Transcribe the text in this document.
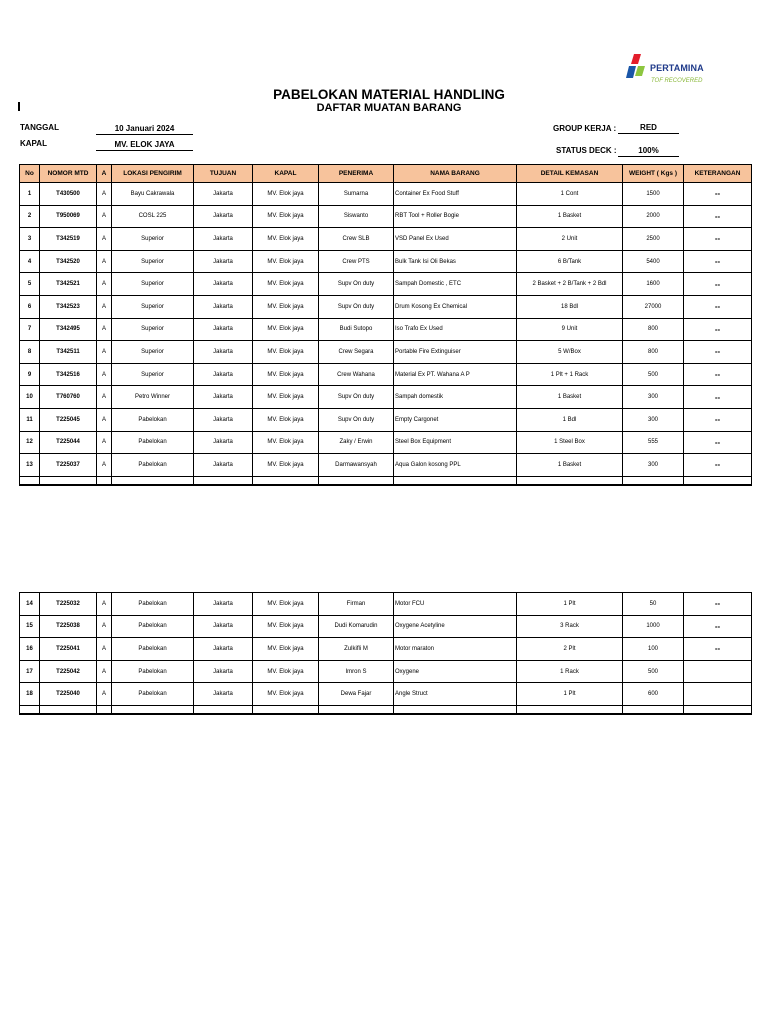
PERTAMINA
TOF RECOVERED
PABELOKAN MATERIAL HANDLING
DAFTAR MUATAN BARANG
TANGGAL	10 Januari 2024
KAPAL	MV. ELOK JAYA
GROUP KERJA :	RED
STATUS DECK :	100%
No	NOMOR MTD	A	LOKASI PENGIRIM	TUJUAN	KAPAL	PENERIMA	NAMA BARANG	DETAIL KEMASAN	WEIGHT ( Kgs )	KETERANGAN
1	T430500	A	Bayu Cakrawala	Jakarta	MV. Elok jaya	Sumarna	Container Ex Food Stuff	1 Cont	1500	--
2	T950069	A	COSL 225	Jakarta	MV. Elok jaya	Siswanto	RBT Tool + Roller Bogie	1 Basket	2000	--
3	T342519	A	Superior	Jakarta	MV. Elok jaya	Crew SLB	VSD Panel Ex Used	2 Unit	2500	--
4	T342520	A	Superior	Jakarta	MV. Elok jaya	Crew PTS	Bulk Tank Isi Oli Bekas	6 B/Tank	5400	--
5	T342521	A	Superior	Jakarta	MV. Elok jaya	Supv On duty	Sampah Domestic , ETC	2 Basket + 2 B/Tank + 2 Bdl	1600	--
6	T342523	A	Superior	Jakarta	MV. Elok jaya	Supv On duty	Drum Kosong Ex Chemical	18 Bdl	27000	--
7	T342495	A	Superior	Jakarta	MV. Elok jaya	Budi Sutopo	Iso Trafo Ex Used	9 Unit	800	--
8	T342511	A	Superior	Jakarta	MV. Elok jaya	Crew Segara	Portable Fire Extinguiser	5 W/Box	800	--
9	T342516	A	Superior	Jakarta	MV. Elok jaya	Crew Wahana	Material Ex PT. Wahana A P	1 Plt + 1 Rack	500	--
10	T760760	A	Petro Winner	Jakarta	MV. Elok jaya	Supv On duty	Sampah domestik	1 Basket	300	--
11	T225045	A	Pabelokan	Jakarta	MV. Elok jaya	Supv On duty	Empty Cargonet	1 Bdl	300	--
12	T225044	A	Pabelokan	Jakarta	MV. Elok jaya	Zaky / Erwin	Steel Box Equipment	1 Steel Box	555	--
13	T225037	A	Pabelokan	Jakarta	MV. Elok jaya	Darmawansyah	Aqua Galon kosong PPL	1 Basket	300	--

14	T225032	A	Pabelokan	Jakarta	MV. Elok jaya	Firman	Motor FCU	1 Plt	50	--
15	T225038	A	Pabelokan	Jakarta	MV. Elok jaya	Dudi Komarudin	Oxygene Acetyline	3 Rack	1000	--
16	T225041	A	Pabelokan	Jakarta	MV. Elok jaya	Zulkifli M	Motor maraton	2 Plt	100	--
17	T225042	A	Pabelokan	Jakarta	MV. Elok jaya	Imron S	Oxygene	1 Rack	500	
18	T225040	A	Pabelokan	Jakarta	MV. Elok jaya	Dewa Fajar	Angle Struct	1 Plt	600	
